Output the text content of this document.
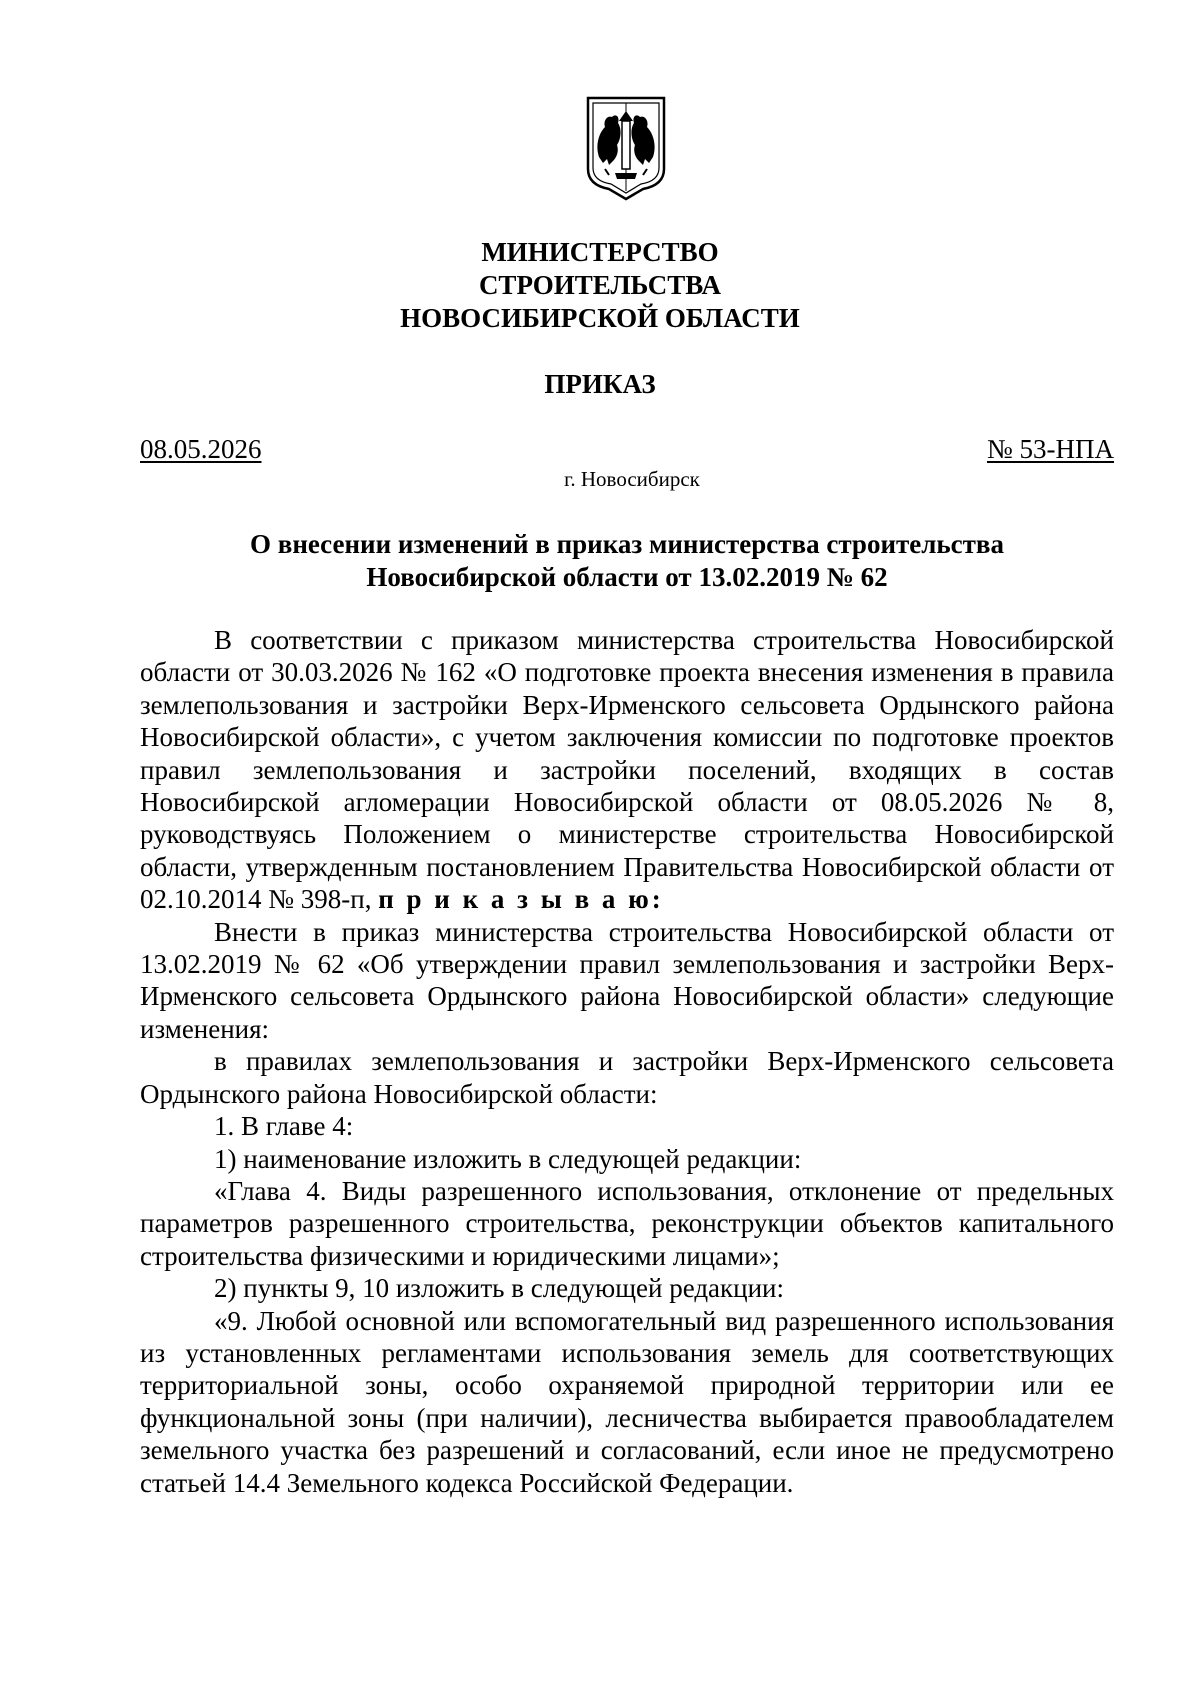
МИНИСТЕРСТВО
СТРОИТЕЛЬСТВА
НОВОСИБИРСКОЙ ОБЛАСТИ
ПРИКАЗ
08.05.2026	№ 53-НПА
г. Новосибирск
О внесении изменений в приказ министерства строительства
Новосибирской области от 13.02.2019 № 62

В соответствии с приказом министерства строительства Новосибирской области от 30.03.2026 № 162 «О подготовке проекта внесения изменения в правила землепользования и застройки Верх-Ирменского сельсовета Ордынского района Новосибирской области», с учетом заключения комиссии по подготовке проектов правил землепользования и застройки поселений, входящих в состав Новосибирской агломерации Новосибирской области от 08.05.2026 № 8, руководствуясь Положением о министерстве строительства Новосибирской области, утвержденным постановлением Правительства Новосибирской области от 02.10.2014 № 398-п, п р и к а з ы в а ю:

Внести в приказ министерства строительства Новосибирской области от 13.02.2019 № 62 «Об утверждении правил землепользования и застройки Верх-Ирменского сельсовета Ордынского района Новосибирской области» следующие изменения:

в правилах землепользования и застройки Верх-Ирменского сельсовета Ордынского района Новосибирской области:

1. В главе 4:

1) наименование изложить в следующей редакции:

«Глава 4. Виды разрешенного использования, отклонение от предельных параметров разрешенного строительства, реконструкции объектов капитального строительства физическими и юридическими лицами»;

2) пункты 9, 10 изложить в следующей редакции:

«9. Любой основной или вспомогательный вид разрешенного использования из установленных регламентами использования земель для соответствующих территориальной зоны, особо охраняемой природной территории или ее функциональной зоны (при наличии), лесничества выбирается правообладателем земельного участка без разрешений и согласований, если иное не предусмотрено статьей 14.4 Земельного кодекса Российской Федерации.
